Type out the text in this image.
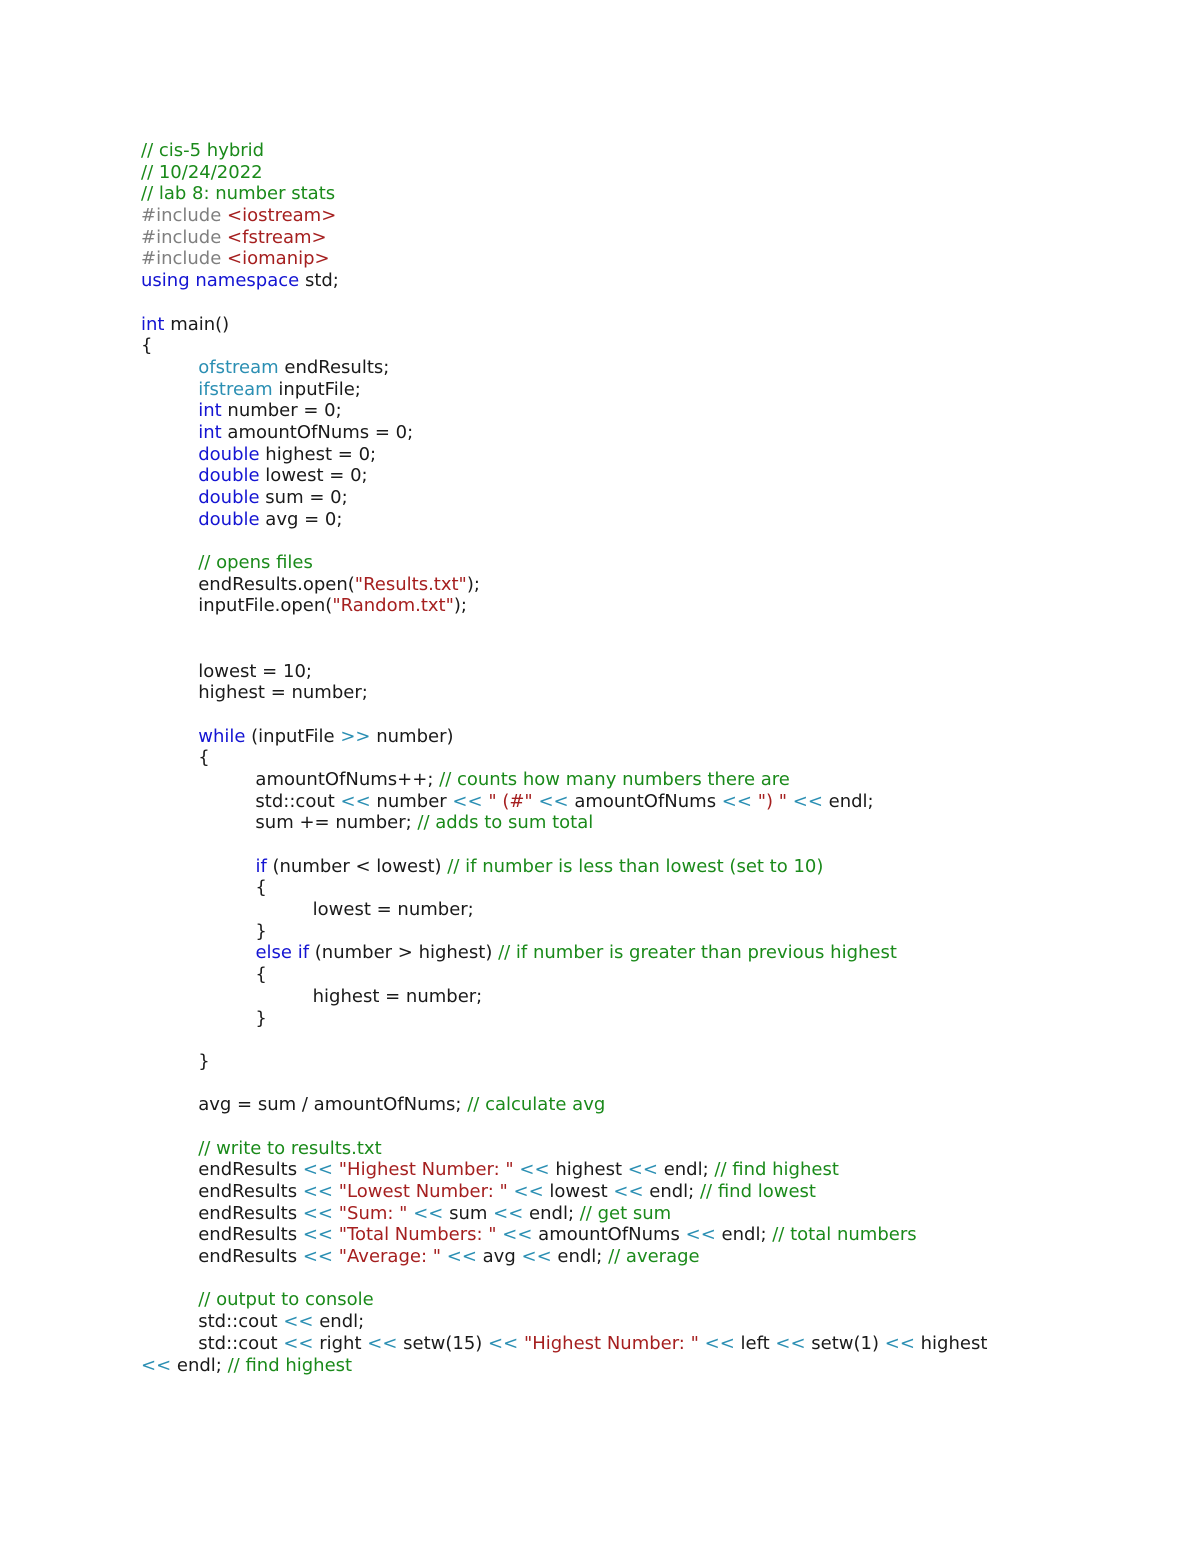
// cis-5 hybrid
// 10/24/2022
// lab 8: number stats
#include <iostream>
#include <fstream>
#include <iomanip>
using namespace std;

int main()
{
ofstream endResults;
ifstream inputFile;
int number = 0;
int amountOfNums = 0;
double highest = 0;
double lowest = 0;
double sum = 0;
double avg = 0;

// opens files
endResults.open("Results.txt");
inputFile.open("Random.txt");

lowest = 10;
highest = number;

while (inputFile >> number)
{
amountOfNums++; // counts how many numbers there are
std::cout << number << " (#" << amountOfNums << ") " << endl;
sum += number; // adds to sum total

if (number < lowest) // if number is less than lowest (set to 10)
{
lowest = number;
}
else if (number > highest) // if number is greater than previous highest
{
highest = number;
}

}

avg = sum / amountOfNums; // calculate avg

// write to results.txt
endResults << "Highest Number: " << highest << endl; // find highest
endResults << "Lowest Number: " << lowest << endl; // find lowest
endResults << "Sum: " << sum << endl; // get sum
endResults << "Total Numbers: " << amountOfNums << endl; // total numbers
endResults << "Average: " << avg << endl; // average

// output to console
std::cout << endl;
std::cout << right << setw(15) << "Highest Number: " << left << setw(1) << highest
<< endl; // find highest
